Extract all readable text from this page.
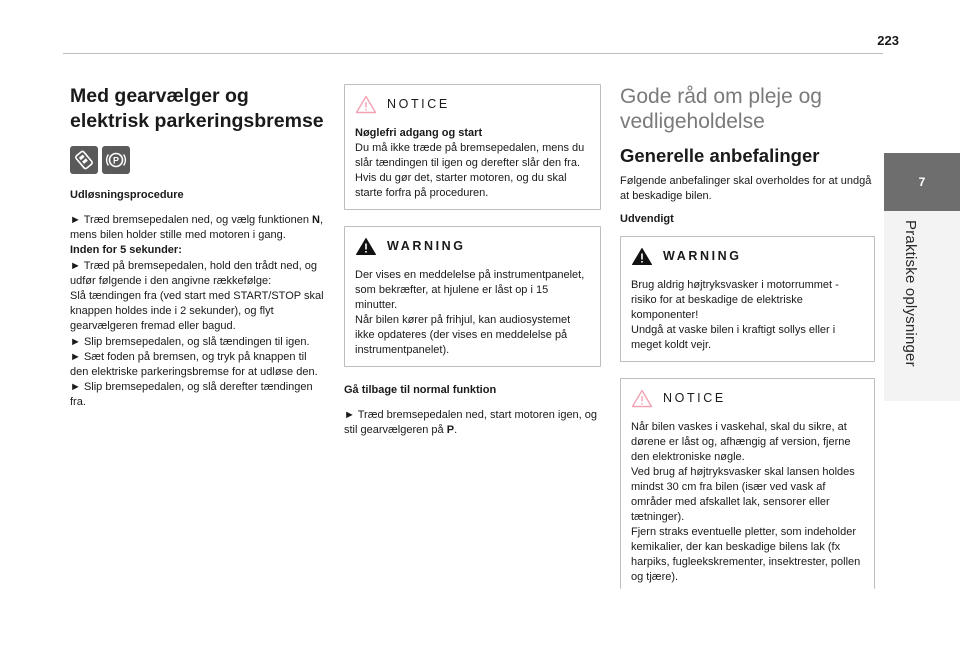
223
7
Praktiske oplysninger
Med gearvælger og elektrisk parkeringsbremse
P
Udløsningsprocedure

► Træd bremsepedalen ned, og vælg funktionen N, mens bilen holder stille med motoren i gang.

Inden for 5 sekunder:

► Træd på bremsepedalen, hold den trådt ned, og udfør følgende i den angivne rækkefølge:

Slå tændingen fra (ved start med START/STOP skal knappen holdes inde i 2 sekunder), og flyt gearvælgeren fremad eller bagud.

► Slip bremsepedalen, og slå tændingen til igen.

► Sæt foden på bremsen, og tryk på knappen til den elektriske parkeringsbremse for at udløse den.

► Slip bremsepedalen, og slå derefter tændingen fra.

NOTICE

Nøglefri adgang og start

Du må ikke træde på bremsepedalen, mens du slår tændingen til igen og derefter slår den fra. Hvis du gør det, starter motoren, og du skal starte forfra på proceduren.

WARNING

Der vises en meddelelse på instrumentpanelet, som bekræfter, at hjulene er låst op i 15 minutter.

Når bilen kører på frihjul, kan audiosystemet ikke opdateres (der vises en meddelelse på instrumentpanelet).

Gå tilbage til normal funktion

► Træd bremsepedalen ned, start motoren igen, og stil gearvælgeren på P.

Gode råd om pleje og vedligeholdelse
Generelle anbefalinger
Følgende anbefalinger skal overholdes for at undgå at beskadige bilen.
Udvendigt
WARNING

Brug aldrig højtryksvasker i motorrummet - risiko for at beskadige de elektriske komponenter!

Undgå at vaske bilen i kraftigt sollys eller i meget koldt vejr.

NOTICE

Når bilen vaskes i vaskehal, skal du sikre, at dørene er låst og, afhængig af version, fjerne den elektroniske nøgle.

Ved brug af højtryksvasker skal lansen holdes mindst 30 cm fra bilen (især ved vask af områder med afskallet lak, sensorer eller tætninger).

Fjern straks eventuelle pletter, som indeholder kemikalier, der kan beskadige bilens lak (fx harpiks, fugleekskrementer, insektrester, pollen og tjære).
